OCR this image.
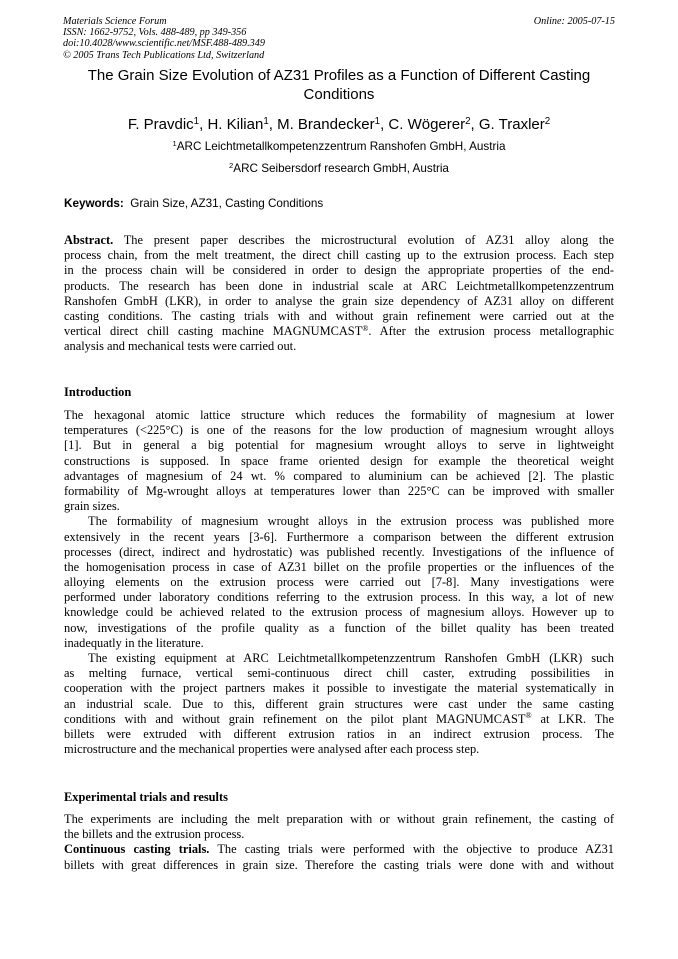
Materials Science Forum
ISSN: 1662-9752, Vols. 488-489, pp 349-356
doi:10.4028/www.scientific.net/MSF.488-489.349
© 2005 Trans Tech Publications Ltd, Switzerland
Online: 2005-07-15
The Grain Size Evolution of AZ31 Profiles as a Function of Different Casting
Conditions
F. Pravdic$^1$, H. Kilian$^1$, M. Brandecker$^1$, C. Wögerer$^2$, G. Traxler$^2$
$^1$ARC Leichtmetallkompetenzzentrum Ranshofen GmbH, Austria
$^2$ARC Seibersdorf research GmbH, Austria
Keywords: Grain Size, AZ31, Casting Conditions
Abstract. The present paper describes the microstructural evolution of AZ31 alloy along the
process chain, from the melt treatment, the direct chill casting up to the extrusion process. Each step
in the process chain will be considered in order to design the appropriate properties of the end-
products. The research has been done in industrial scale at ARC Leichtmetallkompetenzzentrum
Ranshofen GmbH (LKR), in order to analyse the grain size dependency of AZ31 alloy on different
casting conditions. The casting trials with and without grain refinement were carried out at the
vertical direct chill casting machine MAGNUMCAST®. After the extrusion process metallographic
analysis and mechanical tests were carried out.
Introduction
The hexagonal atomic lattice structure which reduces the formability of magnesium at lower
temperatures (<225°C) is one of the reasons for the low production of magnesium wrought alloys
[1]. But in general a big potential for magnesium wrought alloys to serve in lightweight
constructions is supposed. In space frame oriented design for example the theoretical weight
advantages of magnesium of 24 wt. % compared to aluminium can be achieved [2]. The plastic
formability of Mg-wrought alloys at temperatures lower than 225°C can be improved with smaller
grain sizes.
The formability of magnesium wrought alloys in the extrusion process was published more
extensively in the recent years [3-6]. Furthermore a comparison between the different extrusion
processes (direct, indirect and hydrostatic) was published recently. Investigations of the influence of
the homogenisation process in case of AZ31 billet on the profile properties or the influences of the
alloying elements on the extrusion process were carried out [7-8]. Many investigations were
performed under laboratory conditions referring to the extrusion process. In this way, a lot of new
knowledge could be achieved related to the extrusion process of magnesium alloys. However up to
now, investigations of the profile quality as a function of the billet quality has been treated
inadequatly in the literature.
The existing equipment at ARC Leichtmetallkompetenzzentrum Ranshofen GmbH (LKR) such
as melting furnace, vertical semi-continuous direct chill caster, extruding possibilities in
cooperation with the project partners makes it possible to investigate the material systematically in
an industrial scale. Due to this, different grain structures were cast under the same casting
conditions with and without grain refinement on the pilot plant MAGNUMCAST® at LKR. The
billets were extruded with different extrusion ratios in an indirect extrusion process. The
microstructure and the mechanical properties were analysed after each process step.
Experimental trials and results
The experiments are including the melt preparation with or without grain refinement, the casting of
the billets and the extrusion process.
Continuous casting trials. The casting trials were performed with the objective to produce AZ31
billets with great differences in grain size. Therefore the casting trials were done with and without
